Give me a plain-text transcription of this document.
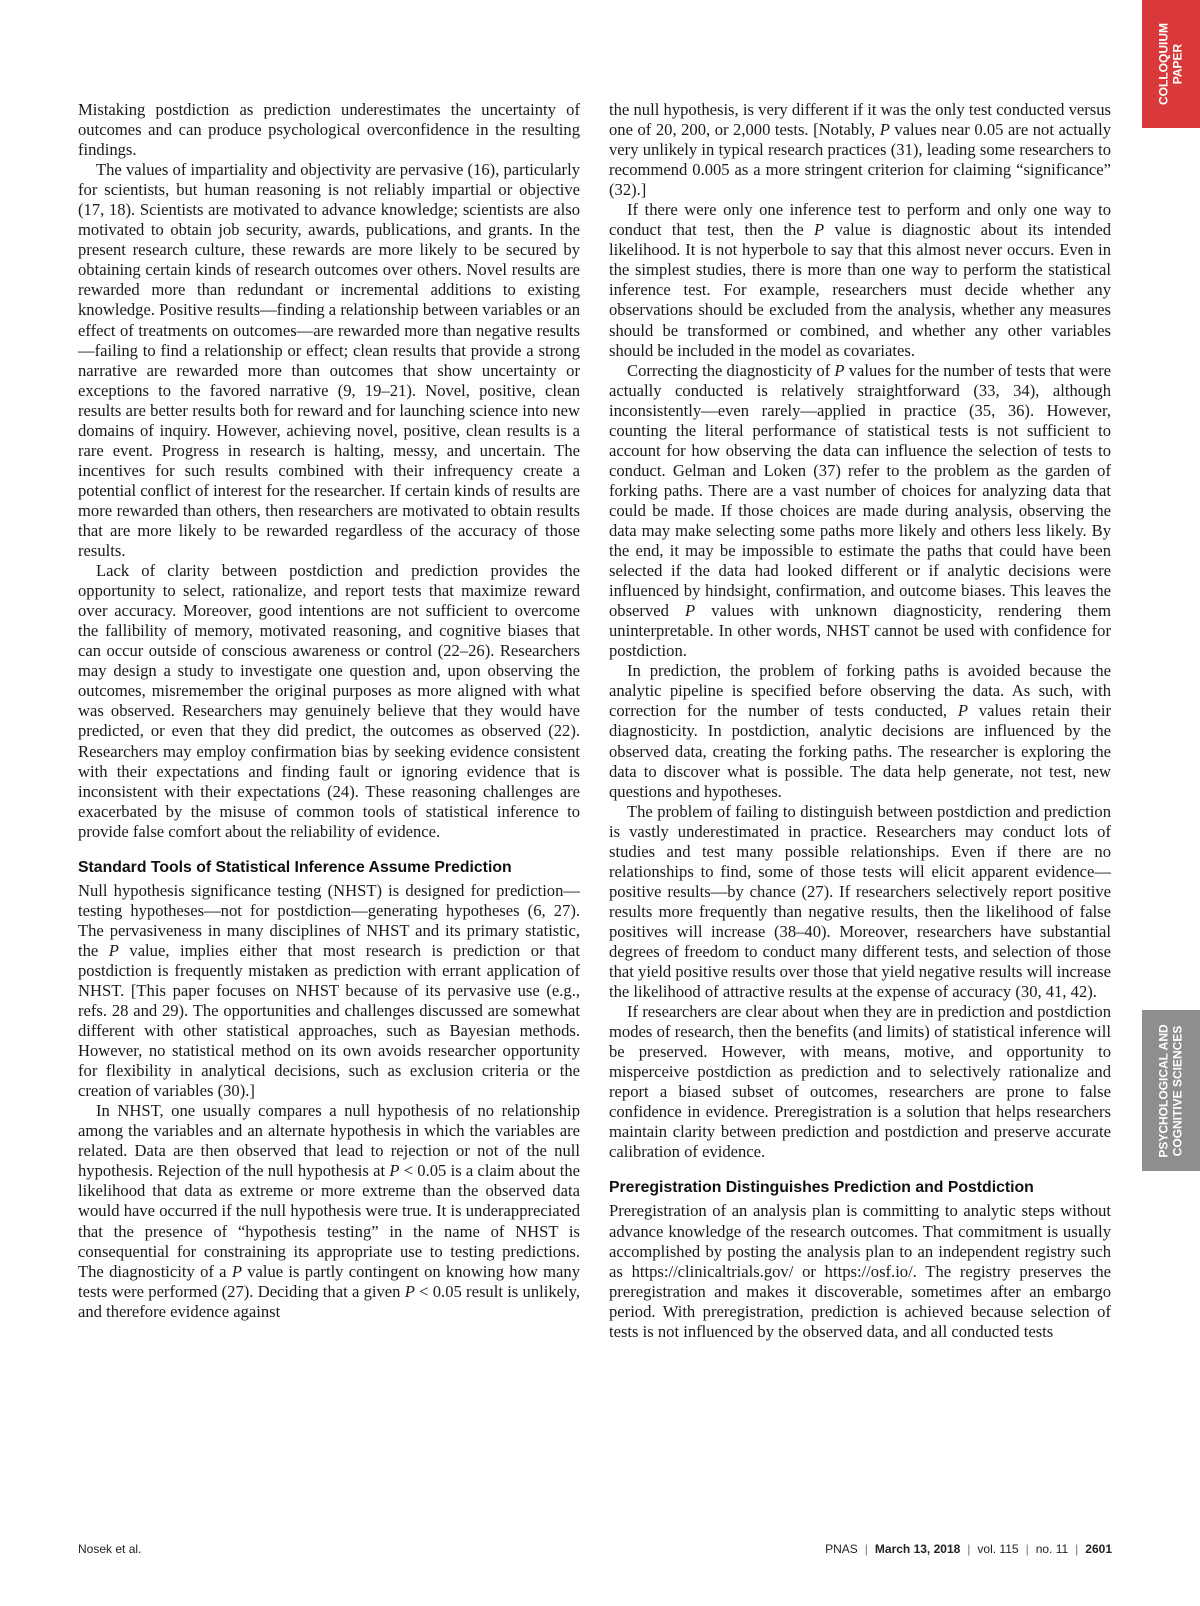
COLLOQUIUM PAPER
PSYCHOLOGICAL AND COGNITIVE SCIENCES

Mistaking postdiction as prediction underestimates the uncertainty of outcomes and can produce psychological overconfidence in the resulting findings.

The values of impartiality and objectivity are pervasive (16), particularly for scientists, but human reasoning is not reliably impartial or objective (17, 18). Scientists are motivated to advance knowledge; scientists are also motivated to obtain job security, awards, publications, and grants. In the present research culture, these rewards are more likely to be secured by obtaining certain kinds of research outcomes over others. Novel results are rewarded more than redundant or incremental additions to existing knowledge. Positive results—finding a relationship between variables or an effect of treatments on outcomes—are rewarded more than negative results—failing to find a relationship or effect; clean results that provide a strong narrative are rewarded more than outcomes that show uncertainty or exceptions to the favored narrative (9, 19–21). Novel, positive, clean results are better results both for reward and for launching science into new domains of inquiry. However, achieving novel, positive, clean results is a rare event. Progress in research is halting, messy, and uncertain. The incentives for such results combined with their infrequency create a potential conflict of interest for the researcher. If certain kinds of results are more rewarded than others, then researchers are motivated to obtain results that are more likely to be rewarded regardless of the accuracy of those results.

Lack of clarity between postdiction and prediction provides the opportunity to select, rationalize, and report tests that maximize reward over accuracy. Moreover, good intentions are not sufficient to overcome the fallibility of memory, motivated reasoning, and cognitive biases that can occur outside of conscious awareness or control (22–26). Researchers may design a study to investigate one question and, upon observing the outcomes, misremember the original purposes as more aligned with what was observed. Researchers may genuinely believe that they would have predicted, or even that they did predict, the outcomes as observed (22). Researchers may employ confirmation bias by seeking evidence consistent with their expectations and finding fault or ignoring evidence that is inconsistent with their expectations (24). These reasoning challenges are exacerbated by the misuse of common tools of statistical inference to provide false comfort about the reliability of evidence.

Standard Tools of Statistical Inference Assume Prediction

Null hypothesis significance testing (NHST) is designed for prediction—testing hypotheses—not for postdiction—generating hypotheses (6, 27). The pervasiveness in many disciplines of NHST and its primary statistic, the P value, implies either that most research is prediction or that postdiction is frequently mistaken as prediction with errant application of NHST. [This paper focuses on NHST because of its pervasive use (e.g., refs. 28 and 29). The opportunities and challenges discussed are somewhat different with other statistical approaches, such as Bayesian methods. However, no statistical method on its own avoids researcher opportunity for flexibility in analytical decisions, such as exclusion criteria or the creation of variables (30).]

In NHST, one usually compares a null hypothesis of no relationship among the variables and an alternate hypothesis in which the variables are related. Data are then observed that lead to rejection or not of the null hypothesis. Rejection of the null hypothesis at P < 0.05 is a claim about the likelihood that data as extreme or more extreme than the observed data would have occurred if the null hypothesis were true. It is underappreciated that the presence of “hypothesis testing” in the name of NHST is consequential for constraining its appropriate use to testing predictions. The diagnosticity of a P value is partly contingent on knowing how many tests were performed (27). Deciding that a given P < 0.05 result is unlikely, and therefore evidence against

the null hypothesis, is very different if it was the only test conducted versus one of 20, 200, or 2,000 tests. [Notably, P values near 0.05 are not actually very unlikely in typical research practices (31), leading some researchers to recommend 0.005 as a more stringent criterion for claiming “significance” (32).]

If there were only one inference test to perform and only one way to conduct that test, then the P value is diagnostic about its intended likelihood. It is not hyperbole to say that this almost never occurs. Even in the simplest studies, there is more than one way to perform the statistical inference test. For example, researchers must decide whether any observations should be excluded from the analysis, whether any measures should be transformed or combined, and whether any other variables should be included in the model as covariates.

Correcting the diagnosticity of P values for the number of tests that were actually conducted is relatively straightforward (33, 34), although inconsistently—even rarely—applied in practice (35, 36). However, counting the literal performance of statistical tests is not sufficient to account for how observing the data can influence the selection of tests to conduct. Gelman and Loken (37) refer to the problem as the garden of forking paths. There are a vast number of choices for analyzing data that could be made. If those choices are made during analysis, observing the data may make selecting some paths more likely and others less likely. By the end, it may be impossible to estimate the paths that could have been selected if the data had looked different or if analytic decisions were influenced by hindsight, confirmation, and outcome biases. This leaves the observed P values with unknown diagnosticity, rendering them uninterpretable. In other words, NHST cannot be used with confidence for postdiction.

In prediction, the problem of forking paths is avoided because the analytic pipeline is specified before observing the data. As such, with correction for the number of tests conducted, P values retain their diagnosticity. In postdiction, analytic decisions are influenced by the observed data, creating the forking paths. The researcher is exploring the data to discover what is possible. The data help generate, not test, new questions and hypotheses.

The problem of failing to distinguish between postdiction and prediction is vastly underestimated in practice. Researchers may conduct lots of studies and test many possible relationships. Even if there are no relationships to find, some of those tests will elicit apparent evidence—positive results—by chance (27). If researchers selectively report positive results more frequently than negative results, then the likelihood of false positives will increase (38–40). Moreover, researchers have substantial degrees of freedom to conduct many different tests, and selection of those that yield positive results over those that yield negative results will increase the likelihood of attractive results at the expense of accuracy (30, 41, 42).

If researchers are clear about when they are in prediction and postdiction modes of research, then the benefits (and limits) of statistical inference will be preserved. However, with means, motive, and opportunity to misperceive postdiction as prediction and to selectively rationalize and report a biased subset of outcomes, researchers are prone to false confidence in evidence. Preregistration is a solution that helps researchers maintain clarity between prediction and postdiction and preserve accurate calibration of evidence.

Preregistration Distinguishes Prediction and Postdiction

Preregistration of an analysis plan is committing to analytic steps without advance knowledge of the research outcomes. That commitment is usually accomplished by posting the analysis plan to an independent registry such as https://clinicaltrials.gov/ or https://osf.io/. The registry preserves the preregistration and makes it discoverable, sometimes after an embargo period. With preregistration, prediction is achieved because selection of tests is not influenced by the observed data, and all conducted tests

Nosek et al.	PNAS | March 13, 2018 | vol. 115 | no. 11 | 2601
